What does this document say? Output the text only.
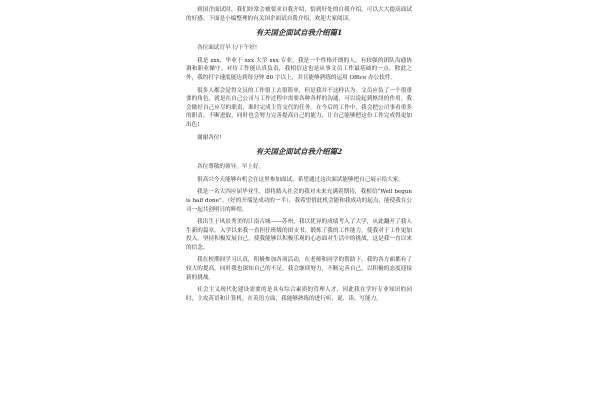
到国企面试时，我们经常会被要求自我介绍，恰到好处的自我介绍，可以大大提高面试的好感。下面是小编整理的有关国企面试自我介绍，欢迎大家阅读。

有关国企面试自我介绍篇1

各位面试官早上/下午好!

我是 xxx，毕业于 xxx 大学 xxx 专业。我是一个性格开朗的人，有较强的团队沟通协调和职业操守。对待工作能认真负责，我相信这也是从事文员工作最基础的一点。除此之外，我的打字速度能达到每分钟 80 字以上，并且能够熟练的运用 Office 办公软件。

很多人都会觉得文员的工作很上去很简单，但是我并不这样认为。文员应负了一个很重要的角色，就是在自己公司与工作过程中需要各种各样的沟通，可以说起到枢纽的作用。我会做好自己应尽的职责，准时完成主管交代的任务。在今后的工作中，我会把公司事看重多的职责，不断进取，同时也会努力完善提高自己的能力，让自己能够把这份工作完成得更加出色!

谢谢各位!

有关国企面试自我介绍篇2

各位尊敬的领导，早上好。

很高兴今天能够有机会在这里参加面试，希望通过这次面试能够把自己展示给大家。

我是一名大四应届毕业生，即将踏入社会的我对未来充满着期待，我相信“Well begun is half done”。（好的开端是成功的一半）。我希望借此机会能和我成功的起点，能使我在公司一起共创明日的辉煌。

我出生于风景秀美的江南古城——苏州，我以优异的成绩考入了大学，从此翻开了我人生新的篇章。入学以来我一直担任班级的团支书，锻炼了我的工作能力，使我对于工作更加投入。坚持积极发展自己，使我能够以积极乐观的心态面对生活中的挑战，这是我一直以来的信念。

我在校期间学习认真，积极参加各项活动，在老师和同学的帮助下，我的各方面都有了较大的提高。同时我也深知自己的不足，我会继续努力，不断完善自己，以积极的态度迎接新的挑战。

社会主义现代化建设需要的是具有综合素质的管理人才，因此我在学好专业知识的同时，主攻英语和计算机，在英语方面，我能够熟练的进行听、说、读、写能力。
